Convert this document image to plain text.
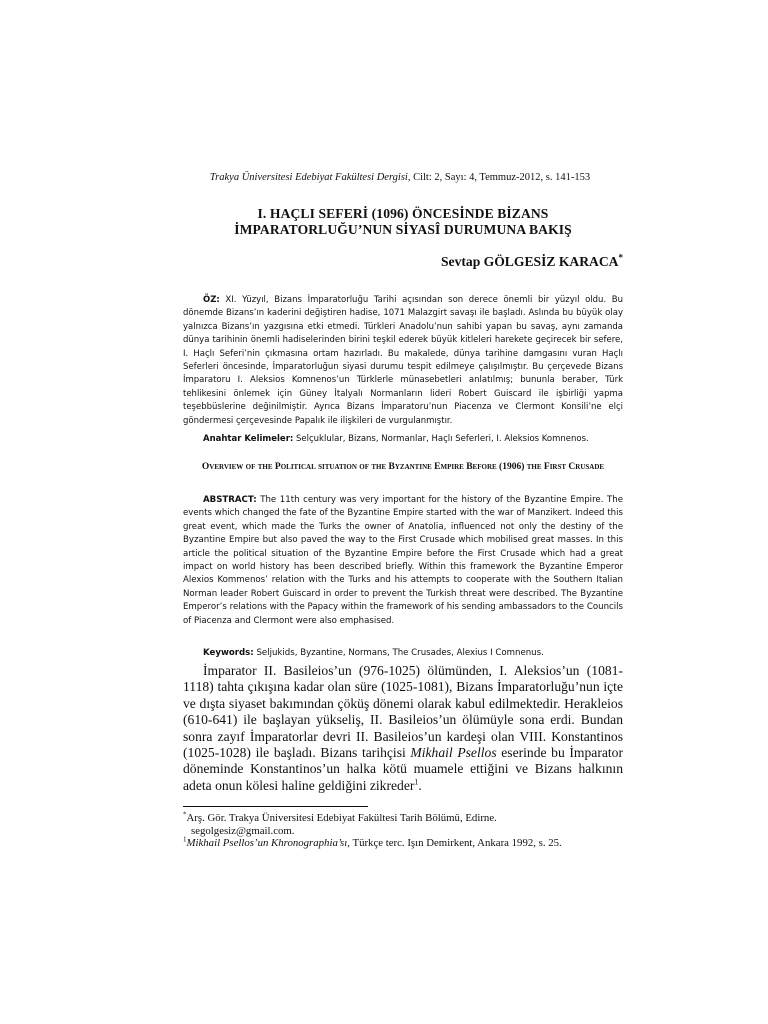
Trakya Üniversitesi Edebiyat Fakültesi Dergisi, Cilt: 2, Sayı: 4, Temmuz-2012, s. 141-153
I. HAÇLI SEFERİ (1096) ÖNCESİNDE BİZANS
İMPARATORLUĞU’NUN SİYASÎ DURUMUNA BAKIŞ
Sevtap GÖLGESİZ KARACA*

ÖZ: XI. Yüzyıl, Bizans İmparatorluğu Tarihi açısından son derece önemli bir yüzyıl oldu. Bu dönemde Bizans’ın kaderini değiştiren hadise, 1071 Malazgirt savaşı ile başladı. Aslında bu büyük olay yalnızca Bizans’ın yazgısına etki etmedi. Türkleri Anadolu’nun sahibi yapan bu savaş, aynı zamanda dünya tarihinin önemli hadiselerinden birini teşkil ederek büyük kitleleri harekete geçirecek bir sefere, I. Haçlı Seferi’nin çıkmasına ortam hazırladı. Bu makalede, dünya tarihine damgasını vuran Haçlı Seferleri öncesinde, İmparatorluğun siyasi durumu tespit edilmeye çalışılmıştır. Bu çerçevede Bizans İmparatoru I. Aleksios Komnenos’un Türklerle münasebetleri anlatılmış; bununla beraber, Türk tehlikesini önlemek için Güney İtalyalı Normanların lideri Robert Guiscard ile işbirliği yapma teşebbüslerine değinilmiştir. Ayrıca Bizans İmparatoru’nun Piacenza ve Clermont Konsili’ne elçi göndermesi çerçevesinde Papalık ile ilişkileri de vurgulanmıştır.

Anahtar Kelimeler: Selçuklular, Bizans, Normanlar, Haçlı Seferleri, I. Aleksios Komnenos.

Overview of the Political situation of the Byzantine Empire Before (1906) the First Crusade

ABSTRACT: The 11th century was very important for the history of the Byzantine Empire. The events which changed the fate of the Byzantine Empire started with the war of Manzikert. Indeed this great event, which made the Turks the owner of Anatolia, influenced not only the destiny of the Byzantine Empire but also paved the way to the First Crusade which mobilised great masses. In this article the political situation of the Byzantine Empire before the First Crusade which had a great impact on world history has been described briefly. Within this framework the Byzantine Emperor Alexios Kommenos’ relation with the Turks and his attempts to cooperate with the Southern Italian Norman leader Robert Guiscard in order to prevent the Turkish threat were described. The Byzantine Emperor’s relations with the Papacy within the framework of his sending ambassadors to the Councils of Piacenza and Clermont were also emphasised.

Keywords: Seljukids, Byzantine, Normans, The Crusades, Alexius I Comnenus.

İmparator II. Basileios’un (976-1025) ölümünden, I. Aleksios’un (1081-1118) tahta çıkışına kadar olan süre (1025-1081), Bizans İmparatorluğu’nun içte ve dışta siyaset bakımından çöküş dönemi olarak kabul edilmektedir. Herakleios (610-641) ile başlayan yükseliş, II. Basileios’un ölümüyle sona erdi. Bundan sonra zayıf İmparatorlar devri II. Basileios’un kardeşi olan VIII. Konstantinos (1025-1028) ile başladı. Bizans tarihçisi Mikhail Psellos eserinde bu İmparator döneminde Konstantinos’un halka kötü muamele ettiğini ve Bizans halkının adeta onun kölesi haline geldiğini zikreder$^1$.

*Arş. Gör. Trakya Üniversitesi Edebiyat Fakültesi Tarih Bölümü, Edirne.
segolgesiz@gmail.com.
$^1$Mikhail Psellos’un Khronographia’sı, Türkçe terc. Işın Demirkent, Ankara 1992, s. 25.
